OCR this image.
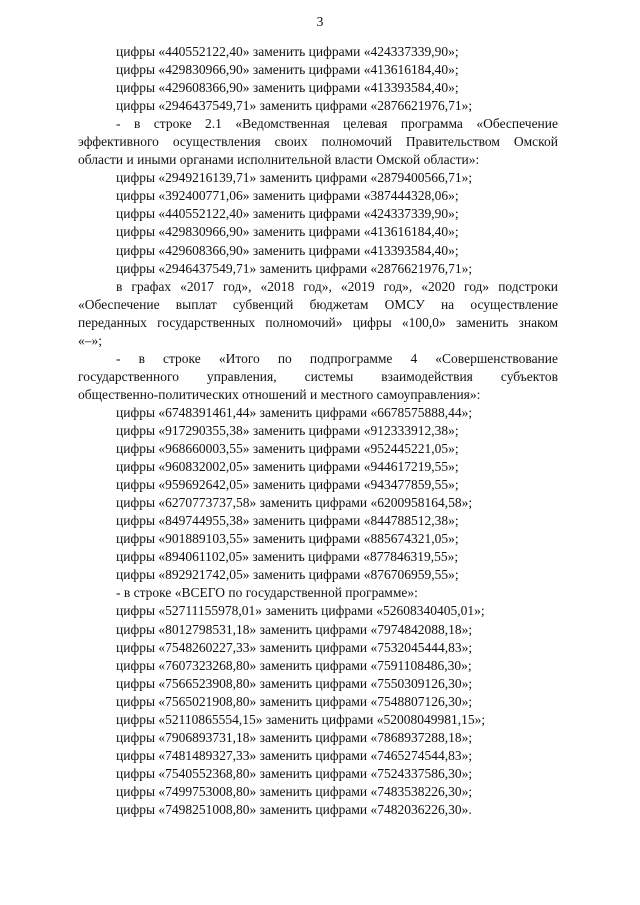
3
цифры «440552122,40» заменить цифрами «424337339,90»;
цифры «429830966,90» заменить цифрами «413616184,40»;
цифры «429608366,90» заменить цифрами «413393584,40»;
цифры «2946437549,71» заменить цифрами «2876621976,71»;
- в строке 2.1 «Ведомственная целевая программа «Обеспечение
эффективного осуществления своих полномочий Правительством Омской
области и иными органами исполнительной власти Омской области»:
цифры «2949216139,71» заменить цифрами «2879400566,71»;
цифры «392400771,06» заменить цифрами «387444328,06»;
цифры «440552122,40» заменить цифрами «424337339,90»;
цифры «429830966,90» заменить цифрами «413616184,40»;
цифры «429608366,90» заменить цифрами «413393584,40»;
цифры «2946437549,71» заменить цифрами «2876621976,71»;
в графах «2017 год», «2018 год», «2019 год», «2020 год» подстроки
«Обеспечение выплат субвенций бюджетам ОМСУ на осуществление
переданных государственных полномочий» цифры «100,0» заменить знаком
«–»;
- в строке «Итого по подпрограмме 4 «Совершенствование
государственного управления, системы взаимодействия субъектов
общественно-политических отношений и местного самоуправления»:
цифры «6748391461,44» заменить цифрами «6678575888,44»;
цифры «917290355,38» заменить цифрами «912333912,38»;
цифры «968660003,55» заменить цифрами «952445221,05»;
цифры «960832002,05» заменить цифрами «944617219,55»;
цифры «959692642,05» заменить цифрами «943477859,55»;
цифры «6270773737,58» заменить цифрами «6200958164,58»;
цифры «849744955,38» заменить цифрами «844788512,38»;
цифры «901889103,55» заменить цифрами «885674321,05»;
цифры «894061102,05» заменить цифрами «877846319,55»;
цифры «892921742,05» заменить цифрами «876706959,55»;
- в строке «ВСЕГО по государственной программе»:
цифры «52711155978,01» заменить цифрами «52608340405,01»;
цифры «8012798531,18» заменить цифрами «7974842088,18»;
цифры «7548260227,33» заменить цифрами «7532045444,83»;
цифры «7607323268,80» заменить цифрами «7591108486,30»;
цифры «7566523908,80» заменить цифрами «7550309126,30»;
цифры «7565021908,80» заменить цифрами «7548807126,30»;
цифры «52110865554,15» заменить цифрами «52008049981,15»;
цифры «7906893731,18» заменить цифрами «7868937288,18»;
цифры «7481489327,33» заменить цифрами «7465274544,83»;
цифры «7540552368,80» заменить цифрами «7524337586,30»;
цифры «7499753008,80» заменить цифрами «7483538226,30»;
цифры «7498251008,80» заменить цифрами «7482036226,30».
